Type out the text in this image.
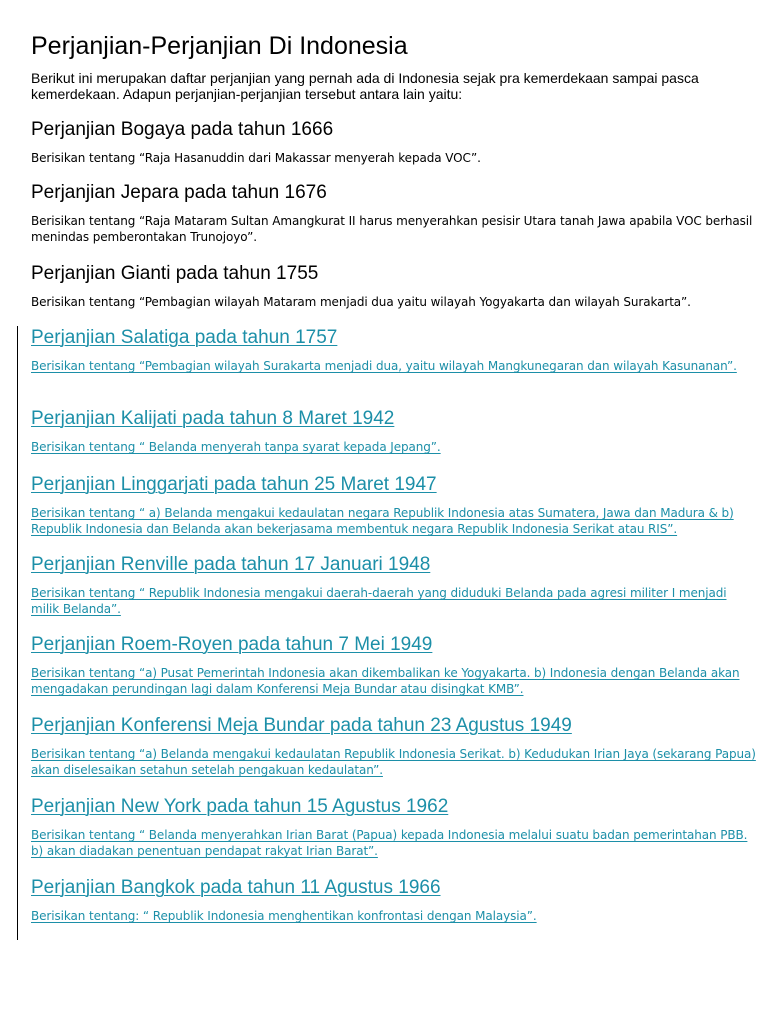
Perjanjian-Perjanjian Di Indonesia

Berikut ini merupakan daftar perjanjian yang pernah ada di Indonesia sejak pra kemerdekaan sampai pasca kemerdekaan. Adapun perjanjian-perjanjian tersebut antara lain yaitu:

Perjanjian Bogaya pada tahun 1666

Berisikan tentang “Raja Hasanuddin dari Makassar menyerah kepada VOC”.

Perjanjian Jepara pada tahun 1676

Berisikan tentang “Raja Mataram Sultan Amangkurat II harus menyerahkan pesisir Utara tanah Jawa apabila VOC berhasil menindas pemberontakan Trunojoyo”.

Perjanjian Giantі pada tahun 1755

Berisikan tentang “Pembagian wilayah Mataram menjadi dua yaitu wilayah Yogyakarta dan wilayah Surakarta”.

Perjanjian Salatiga pada tahun 1757

Berisikan tentang “Pembagian wilayah Surakarta menjadi dua, yaitu wilayah Mangkunegaran dan wilayah Kasunanan”.

Perjanjian Kalijati pada tahun 8 Maret 1942

Berisikan tentang “ Belanda menyerah tanpa syarat kepada Jepang”.

Perjanjian Linggarjati pada tahun 25 Maret 1947

Berisikan tentang “ a) Belanda mengakui kedaulatan negara Republik Indonesia atas Sumatera, Jawa dan Madura & b) Republik Indonesia dan Belanda akan bekerjasama membentuk negara Republik Indonesia Serikat atau RIS”.

Perjanjian Renville pada tahun 17 Januari 1948

Berisikan tentang “ Republik Indonesia mengakui daerah-daerah yang diduduki Belanda pada agresi militer I menjadi milik Belanda”.

Perjanjian Roem-Royen pada tahun 7 Mei 1949

Berisikan tentang “a) Pusat Pemerintah Indonesia akan dikembalikan ke Yogyakarta. b) Indonesia dengan Belanda akan mengadakan perundingan lagi dalam Konferensi Meja Bundar atau disingkat KMB”.

Perjanjian Konferensi Meja Bundar pada tahun 23 Agustus 1949

Berisikan tentang “a) Belanda mengakui kedaulatan Republik Indonesia Serikat. b) Kedudukan Irian Jaya (sekarang Papua) akan diselesaikan setahun setelah pengakuan kedaulatan”.

Perjanjian New York pada tahun 15 Agustus 1962

Berisikan tentang “ Belanda menyerahkan Irian Barat (Papua) kepada Indonesia melalui suatu badan pemerintahan PBB. b) akan diadakan penentuan pendapat rakyat Irian Barat”.

Perjanjian Bangkok pada tahun 11 Agustus 1966

Berisikan tentang: “ Republik Indonesia menghentikan konfrontasi dengan Malaysia”.
